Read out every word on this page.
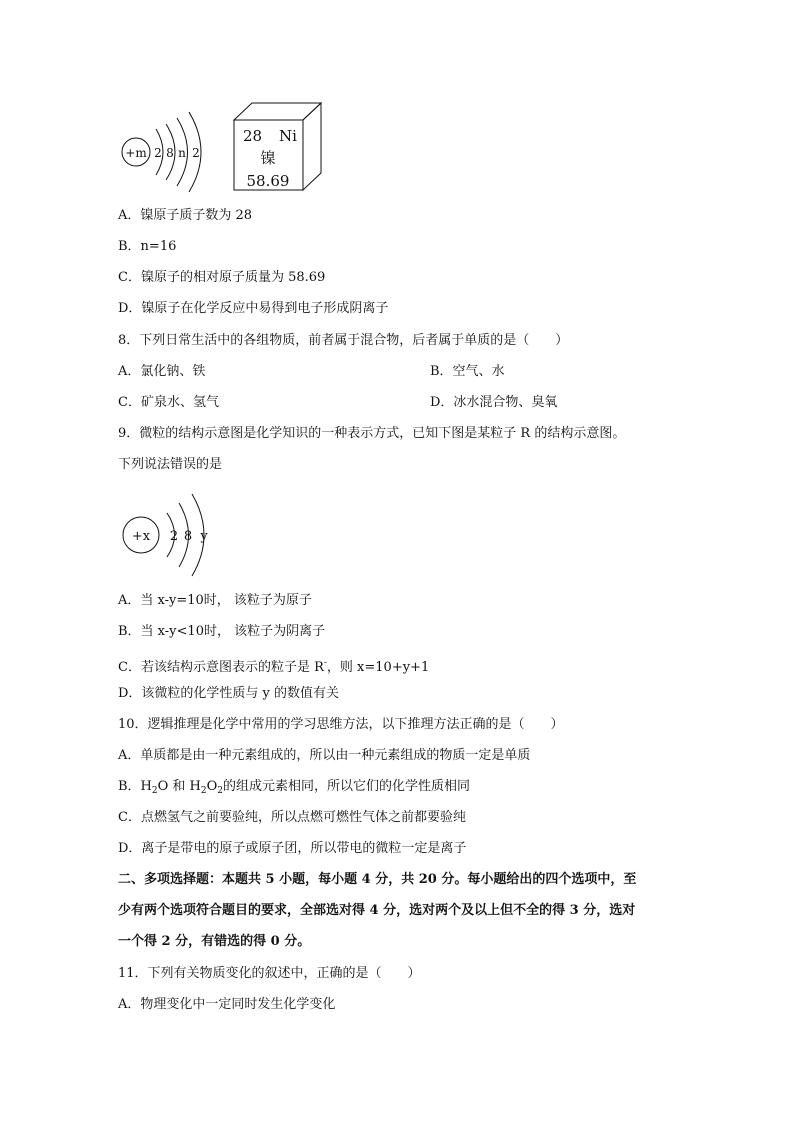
+m 2 8 n 2
28 Ni
镍
58.69
A．镍原子质子数为 28
B．n=16
C．镍原子的相对原子质量为 58.69
D．镍原子在化学反应中易得到电子形成阴离子
8．下列日常生活中的各组物质，前者属于混合物，后者属于单质的是（　　）
A．氯化钠、铁	B．空气、水
C．矿泉水、氢气	D．冰水混合物、臭氧
9．微粒的结构示意图是化学知识的一种表示方式，已知下图是某粒子 R 的结构示意图。
下列说法错误的是
+x 2 8 y
A．当 x-y=10时， 该粒子为原子
B．当 x-y<10时， 该粒子为阴离子
C．若该结构示意图表示的粒子是 R-，则 x=10+y+1
D．该微粒的化学性质与 y 的数值有关
10．逻辑推理是化学中常用的学习思维方法，以下推理方法正确的是（　　）
A．单质都是由一种元素组成的，所以由一种元素组成的物质一定是单质
B．$H_2O$ 和 $H_2O_2$的组成元素相同，所以它们的化学性质相同
C．点燃氢气之前要验纯，所以点燃可燃性气体之前都要验纯
D．离子是带电的原子或原子团，所以带电的微粒一定是离子
二、多项选择题：本题共 5 小题，每小题 4 分，共 20 分。每小题给出的四个选项中，至
少有两个选项符合题目的要求，全部选对得 4 分，选对两个及以上但不全的得 3 分，选对
一个得 2 分，有错选的得 0 分。
11．下列有关物质变化的叙述中，正确的是（　　）
A．物理变化中一定同时发生化学变化
